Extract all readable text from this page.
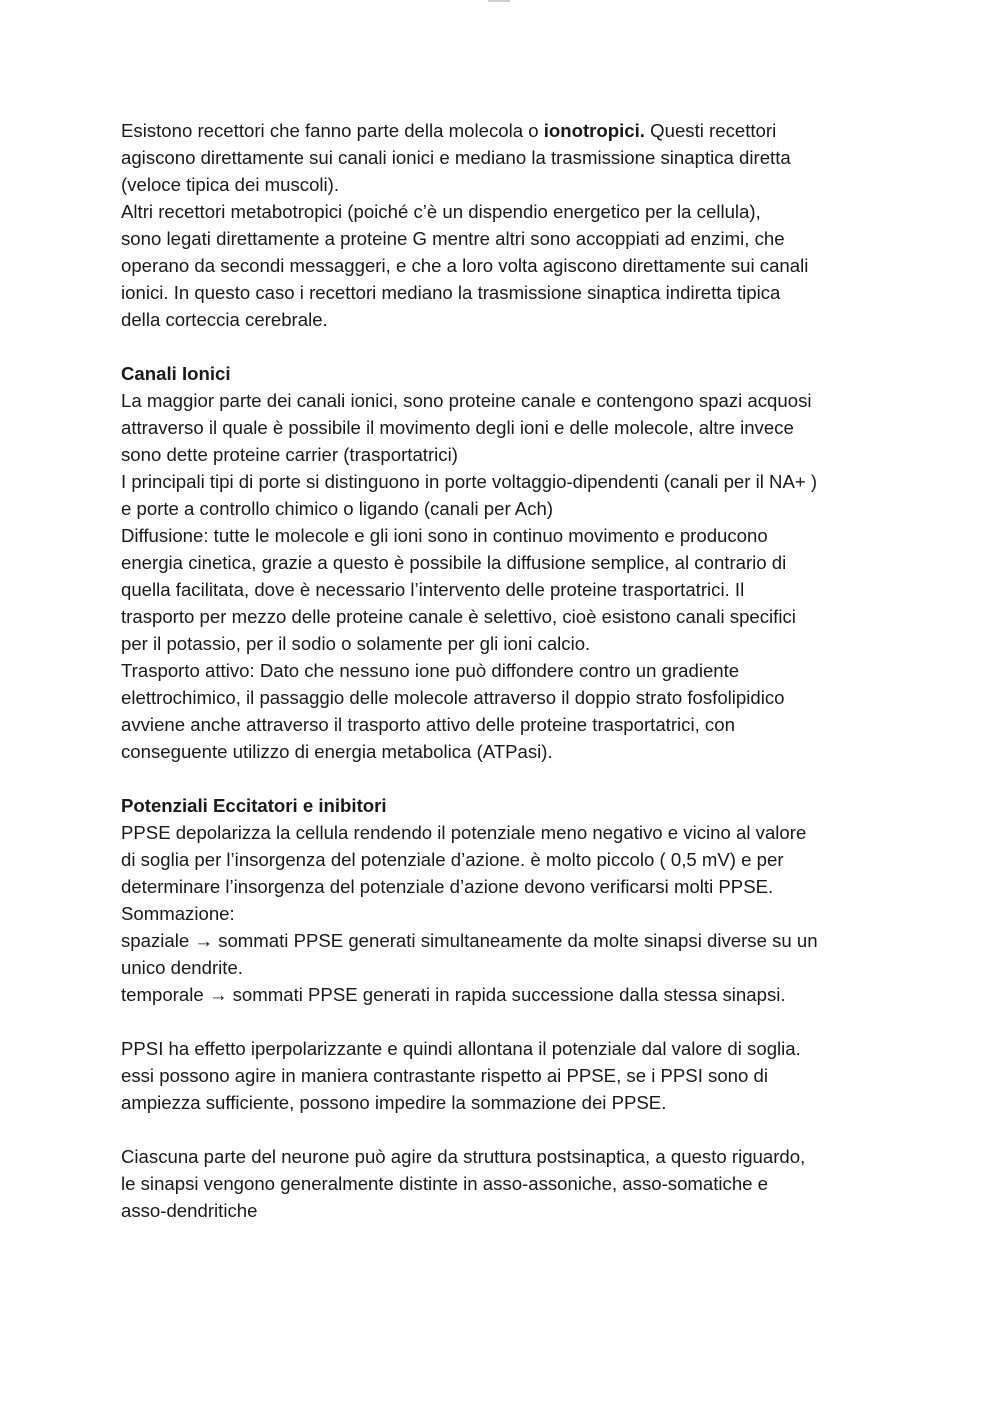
Esistono recettori che fanno parte della molecola o ionotropici. Questi recettori
agiscono direttamente sui canali ionici e mediano la trasmissione sinaptica diretta
(veloce tipica dei muscoli).
Altri recettori metabotropici (poiché c’è un dispendio energetico per la cellula),
sono legati direttamente a proteine G mentre altri sono accoppiati ad enzimi, che
operano da secondi messaggeri, e che a loro volta agiscono direttamente sui canali
ionici. In questo caso i recettori mediano la trasmissione sinaptica indiretta tipica
della corteccia cerebrale.
Canali Ionici
La maggior parte dei canali ionici, sono proteine canale e contengono spazi acquosi
attraverso il quale è possibile il movimento degli ioni e delle molecole, altre invece
sono dette proteine carrier (trasportatrici)
I principali tipi di porte si distinguono in porte voltaggio-dipendenti (canali per il NA+ )
e porte a controllo chimico o ligando (canali per Ach)
Diffusione: tutte le molecole e gli ioni sono in continuo movimento e producono
energia cinetica, grazie a questo è possibile la diffusione semplice, al contrario di
quella facilitata, dove è necessario l’intervento delle proteine trasportatrici. Il
trasporto per mezzo delle proteine canale è selettivo, cioè esistono canali specifici
per il potassio, per il sodio o solamente per gli ioni calcio.
Trasporto attivo: Dato che nessuno ione può diffondere contro un gradiente
elettrochimico, il passaggio delle molecole attraverso il doppio strato fosfolipidico
avviene anche attraverso il trasporto attivo delle proteine trasportatrici, con
conseguente utilizzo di energia metabolica (ATPasi).
Potenziali Eccitatori e inibitori
PPSE depolarizza la cellula rendendo il potenziale meno negativo e vicino al valore
di soglia per l’insorgenza del potenziale d’azione. è molto piccolo ( 0,5 mV) e per
determinare l’insorgenza del potenziale d’azione devono verificarsi molti PPSE.
Sommazione:
spaziale → sommati PPSE generati simultaneamente da molte sinapsi diverse su un
unico dendrite.
temporale → sommati PPSE generati in rapida successione dalla stessa sinapsi.
PPSI ha effetto iperpolarizzante e quindi allontana il potenziale dal valore di soglia.
essi possono agire in maniera contrastante rispetto ai PPSE, se i PPSI sono di
ampiezza sufficiente, possono impedire la sommazione dei PPSE.
Ciascuna parte del neurone può agire da struttura postsinaptica, a questo riguardo,
le sinapsi vengono generalmente distinte in asso-assoniche, asso-somatiche e
asso-dendritiche
